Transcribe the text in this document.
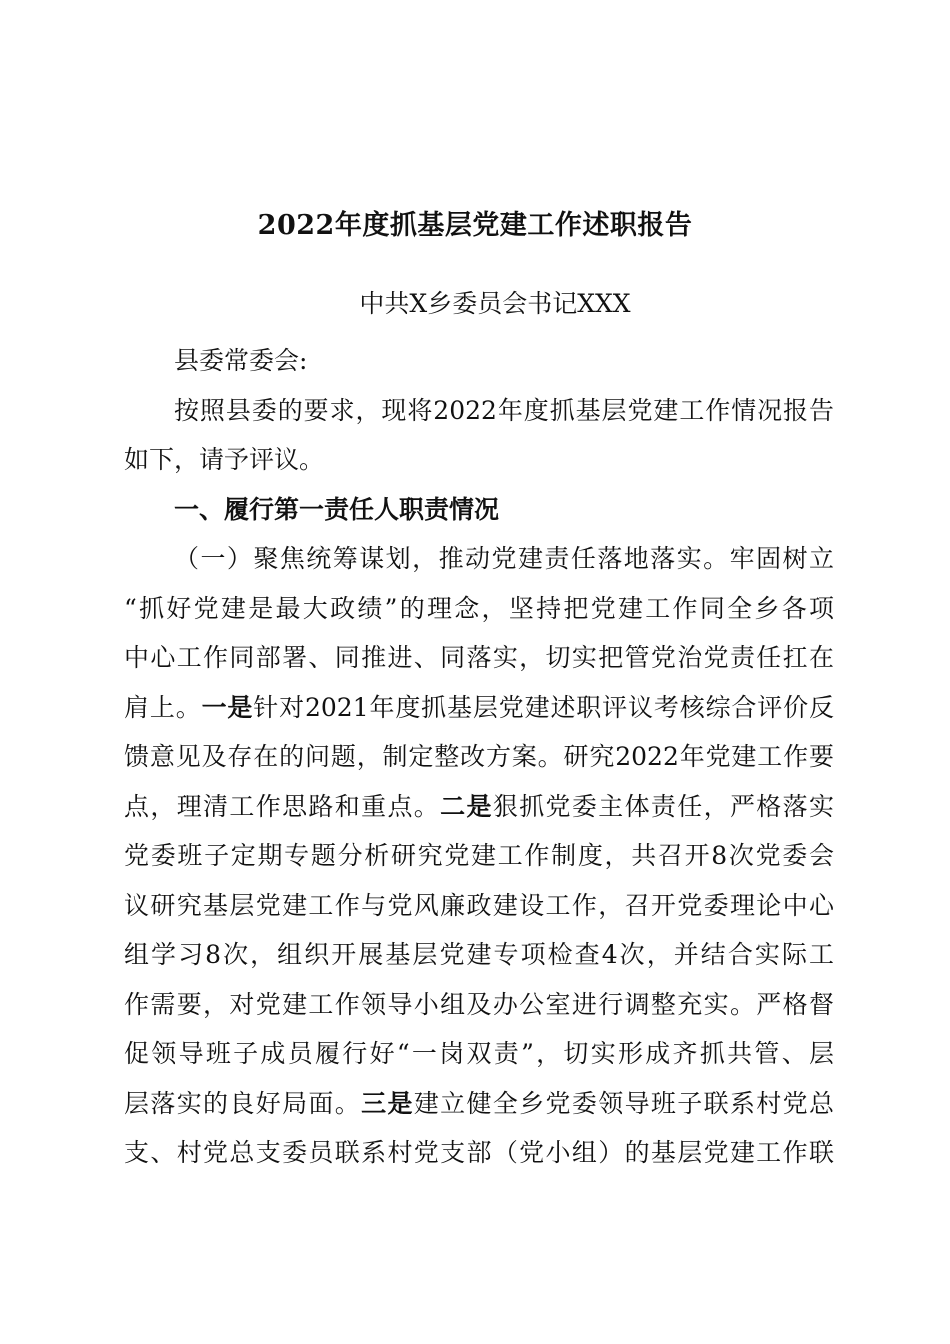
2022年度抓基层党建工作述职报告
中共X乡委员会书记XXX
县委常委会:
按照县委的要求，现将2022年度抓基层党建工作情况报告
如下，请予评议。
一、履行第一责任人职责情况
（一）聚焦统筹谋划，推动党建责任落地落实。牢固树立
“抓好党建是最大政绩”的理念，坚持把党建工作同全乡各项
中心工作同部署、同推进、同落实，切实把管党治党责任扛在
肩上。一是针对2021年度抓基层党建述职评议考核综合评价反
馈意见及存在的问题，制定整改方案。研究2022年党建工作要
点，理清工作思路和重点。二是狠抓党委主体责任，严格落实
党委班子定期专题分析研究党建工作制度，共召开8次党委会
议研究基层党建工作与党风廉政建设工作，召开党委理论中心
组学习8次，组织开展基层党建专项检查4次，并结合实际工
作需要，对党建工作领导小组及办公室进行调整充实。严格督
促领导班子成员履行好“一岗双责”，切实形成齐抓共管、层
层落实的良好局面。三是建立健全乡党委领导班子联系村党总
支、村党总支委员联系村党支部（党小组）的基层党建工作联
